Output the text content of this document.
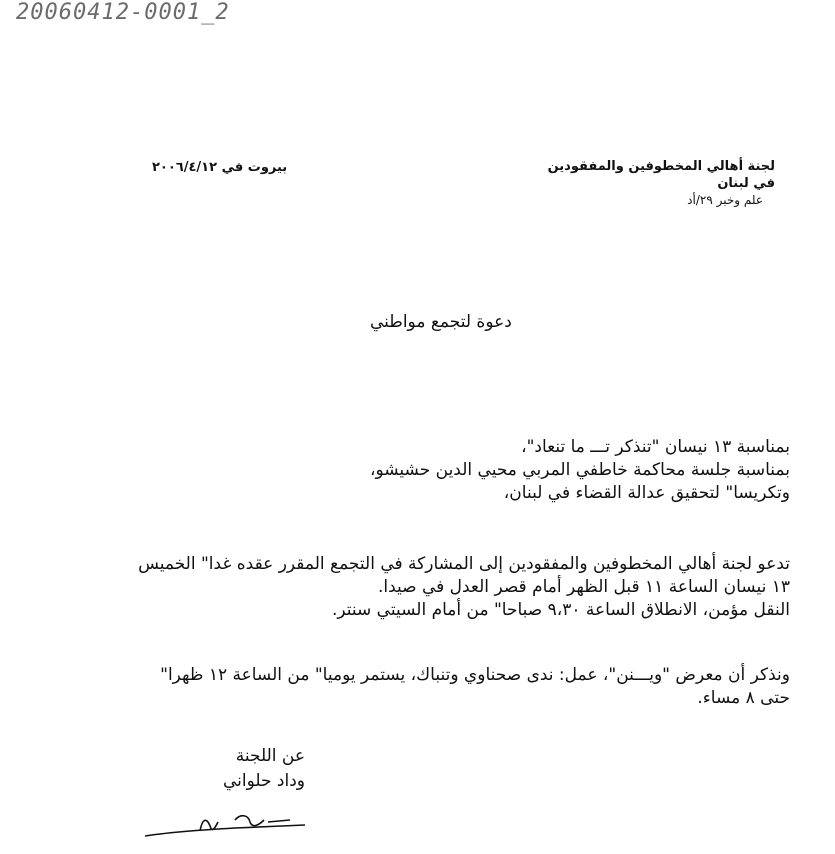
20060412-0001_2
لجنة أهالي المخطوفين والمفقودين
في لبنان
علم وخبر ٢٩/أد
بيروت في ٢٠٠٦/٤/١٢
دعوة لتجمع مواطني
بمناسبة ١٣ نيسان "تنذكر تـــ ما تنعاد"،
بمناسبة جلسة محاكمة خاطفي المربي محيي الدين حشيشو،
وتكريسا" لتحقيق عدالة القضاء في لبنان،
تدعو لجنة أهالي المخطوفين والمفقودين إلى المشاركة في التجمع المقرر عقده غدا" الخميس
١٣ نيسان الساعة ١١ قبل الظهر أمام قصر العدل في صيدا.
النقل مؤمن، الانطلاق الساعة ٩،٣٠ صباحا" من أمام السيتي سنتر.
ونذكر أن معرض "ويـــنن"، عمل: ندى صحناوي وتنباك، يستمر يوميا" من الساعة ١٢ ظهرا"
حتى ٨ مساء.
عن اللجنة
وداد حلواني
